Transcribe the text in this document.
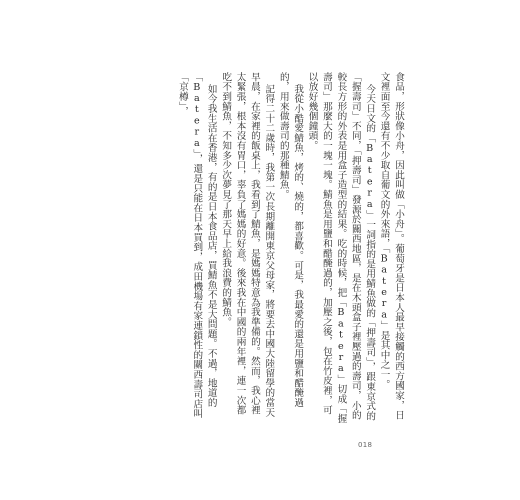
食品，形狀像小舟，因此叫做「小舟」。葡萄牙是日本人最早接觸的西方國家，日文裡面至今還有不少取自葡文的外來語，「Batera」是其中之一。

今天日文的「Batera」一詞指的是用鯖魚做的「押壽司」，跟東京式的「握壽司」不同，「押壽司」發源於關西地區，是在木頭盒子裡壓過的壽司，小的較長方形的外表是用盒子造型的結果。吃的時候，把「Batera」切成「握壽司」那麼大的一塊一塊。鯖魚是用鹽和醋醃過的，加壓之後，包在竹皮裡，可以放好幾個鐘頭。

我從小酷愛鯖魚，烤的、燒的，都喜歡。可是，我最愛的還是用鹽和醋醃過的，用來做壽司的那種鯖魚。

記得二十二歲時，我第一次長期離開東京父母家，將要去中國大陸留學的當天早晨，在家裡的飯桌上，我看到了鯖魚，是媽媽特意為我準備的。然而，我心裡太緊張，根本沒有胃口，辜負了媽媽的好意。後來我在中國的兩年裡，連一次都吃不到鯖魚，不知多少次夢見了那天早上給我浪費的鯖魚。

如今我生活在香港，有的是日本食品店，買鯖魚不是大問題。不過，地道的「Batera」，還是只能在日本買到，成田機場有家連鎖性的關西壽司店叫「京樽」，

018
